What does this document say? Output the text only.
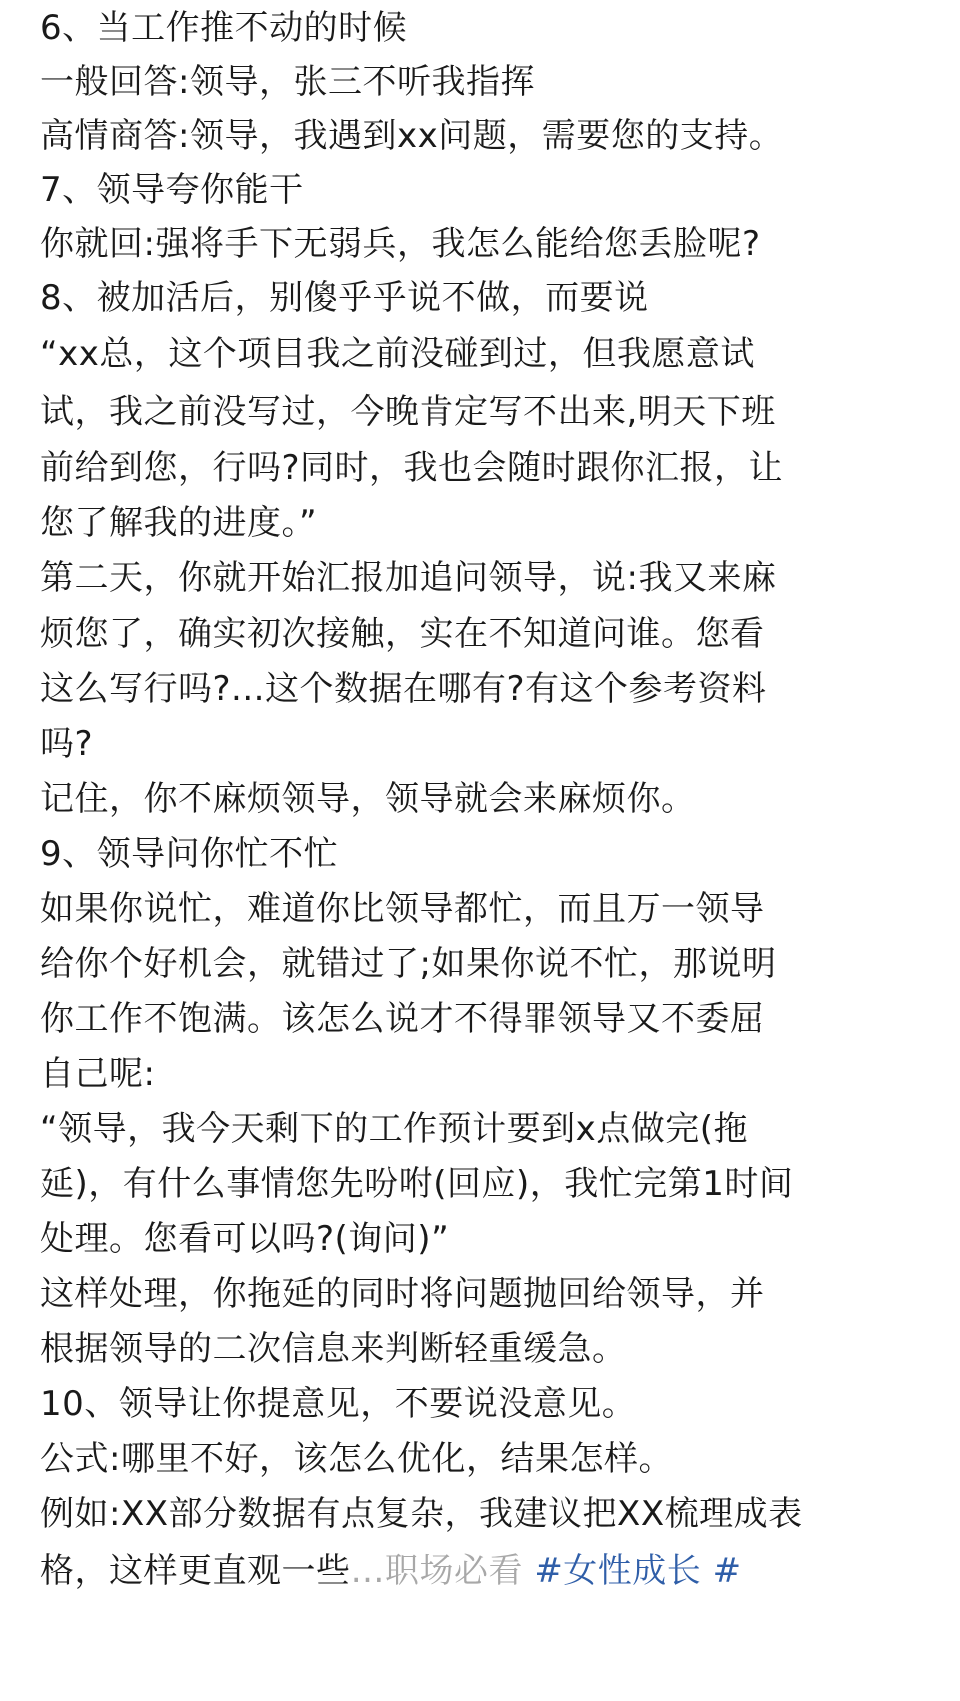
6、当工作推不动的时候
一般回答:领导，张三不听我指挥
高情商答:领导，我遇到xx问题，需要您的支持。
7、领导夸你能干
你就回:强将手下无弱兵，我怎么能给您丢脸呢?
8、被加活后，别傻乎乎说不做，而要说
“xx总，这个项目我之前没碰到过，但我愿意试
试，我之前没写过，今晚肯定写不出来,明天下班
前给到您，行吗?同时，我也会随时跟你汇报，让
您了解我的进度。”
第二天，你就开始汇报加追问领导，说:我又来麻
烦您了，确实初次接触，实在不知道问谁。您看
这么写行吗?...这个数据在哪有?有这个参考资料
吗?
记住，你不麻烦领导，领导就会来麻烦你。
9、领导问你忙不忙
如果你说忙，难道你比领导都忙，而且万一领导
给你个好机会，就错过了;如果你说不忙，那说明
你工作不饱满。该怎么说才不得罪领导又不委屈
自己呢:
“领导，我今天剩下的工作预计要到x点做完(拖
延)，有什么事情您先吩咐(回应)，我忙完第1时间
处理。您看可以吗?(询问)”
这样处理，你拖延的同时将问题抛回给领导，并
根据领导的二次信息来判断轻重缓急。
10、领导让你提意见，不要说没意见。
公式:哪里不好，该怎么优化，结果怎样。
例如:XX部分数据有点复杂，我建议把XX梳理成表
格，这样更直观一些…职场必看 #女性成长 #
